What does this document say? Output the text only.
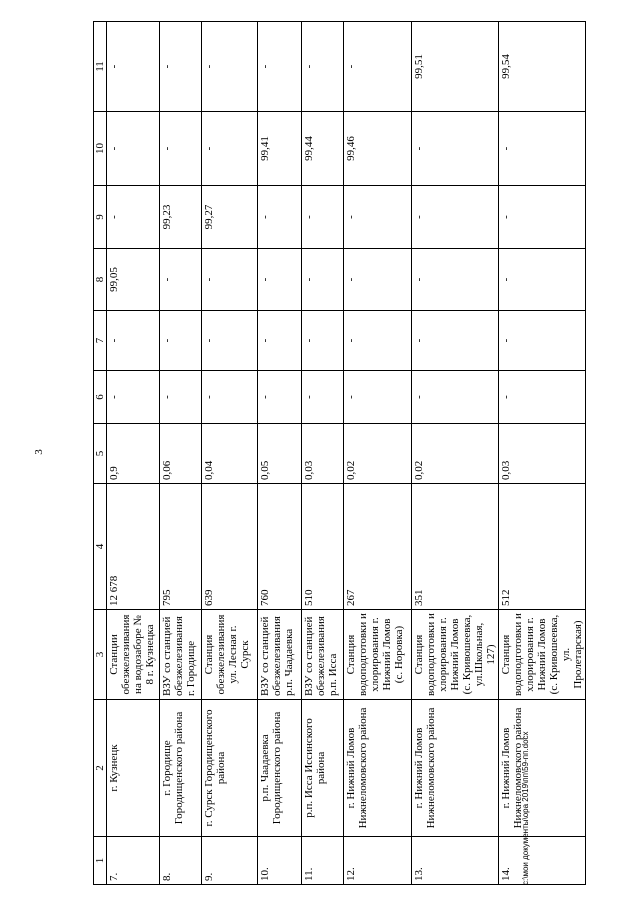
3
1	2	3	4	5	6	7	8	9	10	11
7.	г. Кузнецк	Станции обезжелезивания на водозаборе № 8 г. Кузнецка	12 678	0,9	-	-	99,05	-	-	-
8.	г. Городище Городищенского района	ВЗУ со станцией обезжелезивания г. Городище	795	0,06	-	-	-	99,23	-	-
9.	г. Сурск Городищенского района	Станция обезжелезивания ул. Лесная г. Сурск	639	0,04	-	-	-	99,27	-	-
10.	р.п. Чаадаевка Городищенского района	ВЗУ со станцией обезжелезивания р.п. Чаадаевка	760	0,05	-	-	-	-	99,41	-
11.	р.п. Исса Иссинского района	ВЗУ со станцией обезжелезивания р.п. Исса	510	0,03	-	-	-	-	99,44	-
12.	г. Нижний Ломов Нижнеломовского района	Станция водоподготовки и хлорирования г. Нижний Ломов (с. Норовка)	267	0,02	-	-	-	-	99,46	-
13.	г. Нижний Ломов Нижнеломовского района	Станция водоподготовки и хлорирования г. Нижний Ломов (с. Кривошеевка, ул.Школьная, 127)	351	0,02	-	-	-	-	-	99,51
14.	г. Нижний Ломов Нижнеломовского района	Станция водоподготовки и хлорирования г. Нижний Ломов (с. Кривошеевка, ул. Пролетарская)	512	0,03	-	-	-	-	-	99,54
c:\мои документы\ора 2019\пп\59-пп.docx
